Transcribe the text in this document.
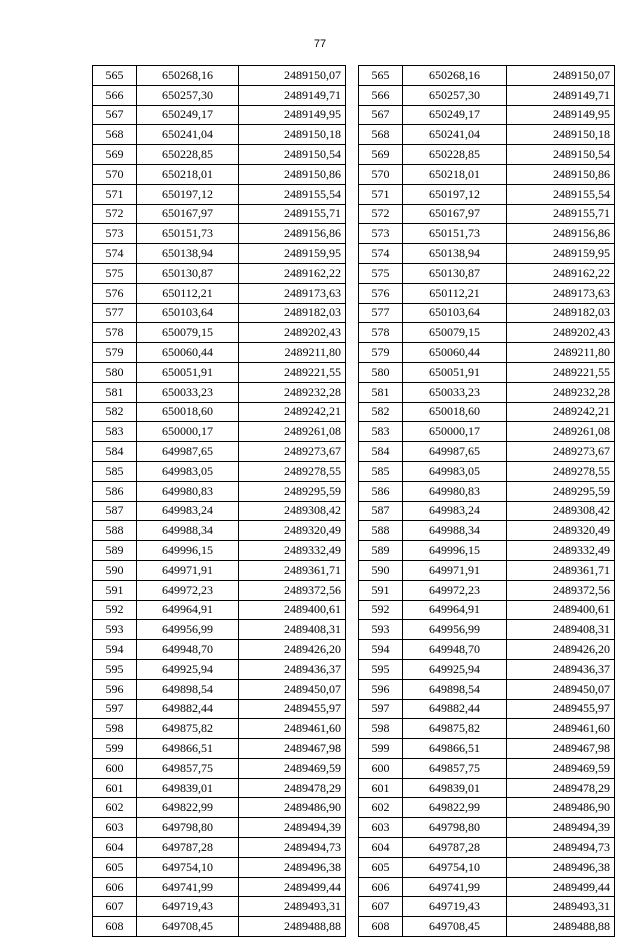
77
565	650268,16	2489150,07
566	650257,30	2489149,71
567	650249,17	2489149,95
568	650241,04	2489150,18
569	650228,85	2489150,54
570	650218,01	2489150,86
571	650197,12	2489155,54
572	650167,97	2489155,71
573	650151,73	2489156,86
574	650138,94	2489159,95
575	650130,87	2489162,22
576	650112,21	2489173,63
577	650103,64	2489182,03
578	650079,15	2489202,43
579	650060,44	2489211,80
580	650051,91	2489221,55
581	650033,23	2489232,28
582	650018,60	2489242,21
583	650000,17	2489261,08
584	649987,65	2489273,67
585	649983,05	2489278,55
586	649980,83	2489295,59
587	649983,24	2489308,42
588	649988,34	2489320,49
589	649996,15	2489332,49
590	649971,91	2489361,71
591	649972,23	2489372,56
592	649964,91	2489400,61
593	649956,99	2489408,31
594	649948,70	2489426,20
595	649925,94	2489436,37
596	649898,54	2489450,07
597	649882,44	2489455,97
598	649875,82	2489461,60
599	649866,51	2489467,98
600	649857,75	2489469,59
601	649839,01	2489478,29
602	649822,99	2489486,90
603	649798,80	2489494,39
604	649787,28	2489494,73
605	649754,10	2489496,38
606	649741,99	2489499,44
607	649719,43	2489493,31
608	649708,45	2489488,88
565	650268,16	2489150,07
566	650257,30	2489149,71
567	650249,17	2489149,95
568	650241,04	2489150,18
569	650228,85	2489150,54
570	650218,01	2489150,86
571	650197,12	2489155,54
572	650167,97	2489155,71
573	650151,73	2489156,86
574	650138,94	2489159,95
575	650130,87	2489162,22
576	650112,21	2489173,63
577	650103,64	2489182,03
578	650079,15	2489202,43
579	650060,44	2489211,80
580	650051,91	2489221,55
581	650033,23	2489232,28
582	650018,60	2489242,21
583	650000,17	2489261,08
584	649987,65	2489273,67
585	649983,05	2489278,55
586	649980,83	2489295,59
587	649983,24	2489308,42
588	649988,34	2489320,49
589	649996,15	2489332,49
590	649971,91	2489361,71
591	649972,23	2489372,56
592	649964,91	2489400,61
593	649956,99	2489408,31
594	649948,70	2489426,20
595	649925,94	2489436,37
596	649898,54	2489450,07
597	649882,44	2489455,97
598	649875,82	2489461,60
599	649866,51	2489467,98
600	649857,75	2489469,59
601	649839,01	2489478,29
602	649822,99	2489486,90
603	649798,80	2489494,39
604	649787,28	2489494,73
605	649754,10	2489496,38
606	649741,99	2489499,44
607	649719,43	2489493,31
608	649708,45	2489488,88
